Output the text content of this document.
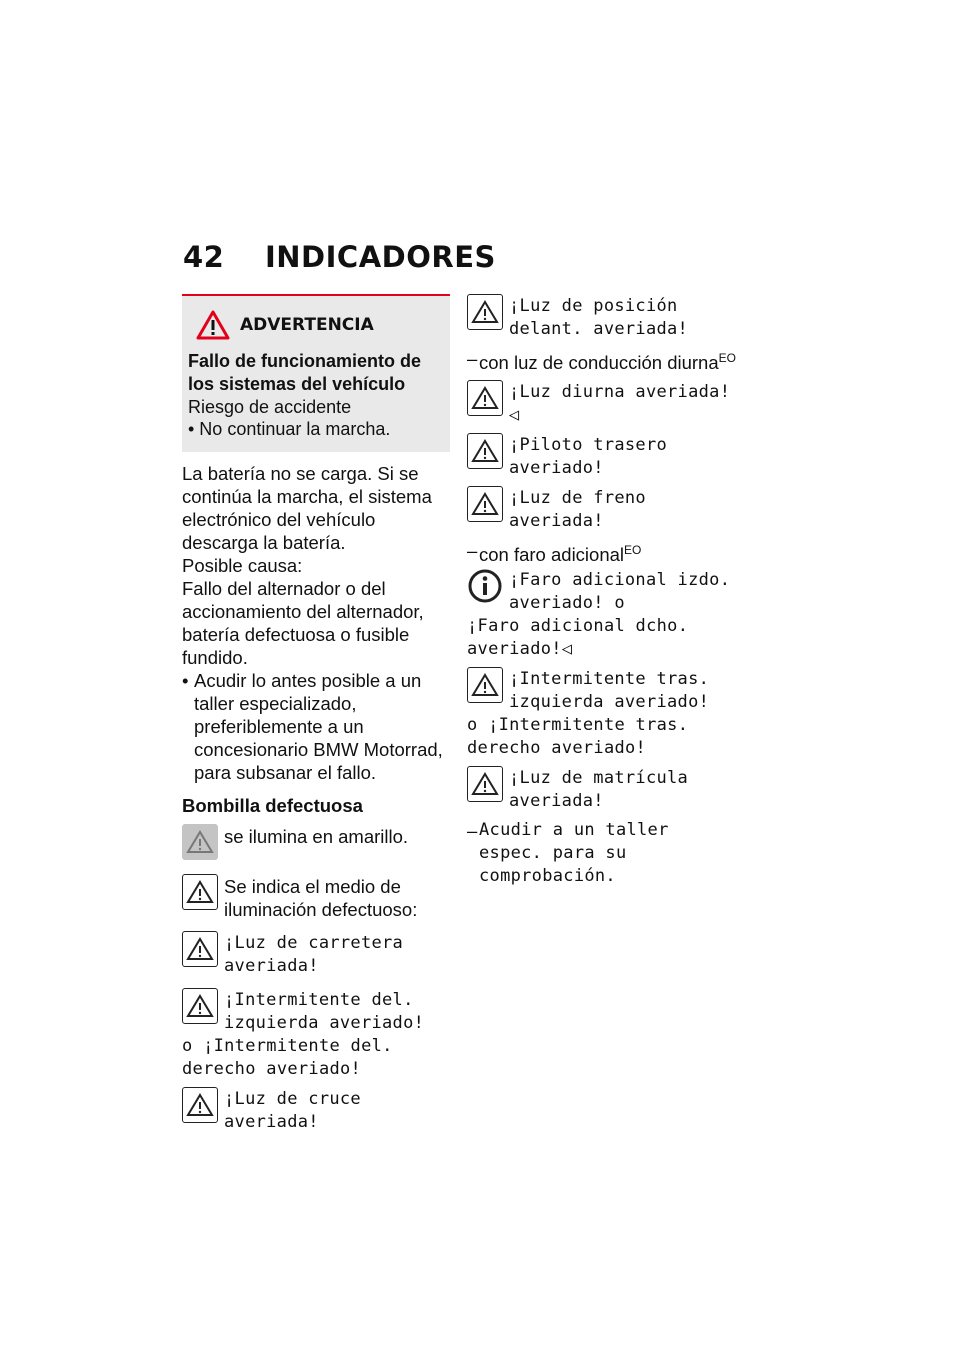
42	INDICADORES
ADVERTENCIA

Fallo de funcionamiento de los sistemas del vehículo

Riesgo de accidente

• No continuar la marcha.

La batería no se carga. Si se continúa la marcha, el sistema electrónico del vehículo descarga la batería.

Posible causa:

Fallo del alternador o del accionamiento del alternador, batería defectuosa o fusible fundido.

• Acudir lo antes posible a un taller especializado, preferiblemente a un concesionario BMW Motorrad, para subsanar el fallo.

Bombilla defectuosa

se ilumina en amarillo.
Se indica el medio de iluminación defectuoso:
¡Luz de carretera averiada!
¡Intermitente del. izquierda averiado!

o ¡Intermitente del. derecho averiado!

¡Luz de cruce averiada!
¡Luz de posición delant. averiada!
– con luz de conducción diurna$^{EO}$
¡Luz diurna averiada!◁
¡Piloto trasero averiado!
¡Luz de freno averiada!
– con faro adicional$^{EO}$
¡Faro adicional izdo. averiado! o

¡Faro adicional dcho. averiado!◁

¡Intermitente tras. izquierda averiado!

o ¡Intermitente tras. derecho averiado!

¡Luz de matrícula averiada!
– Acudir a un taller espec. para su comprobación.
